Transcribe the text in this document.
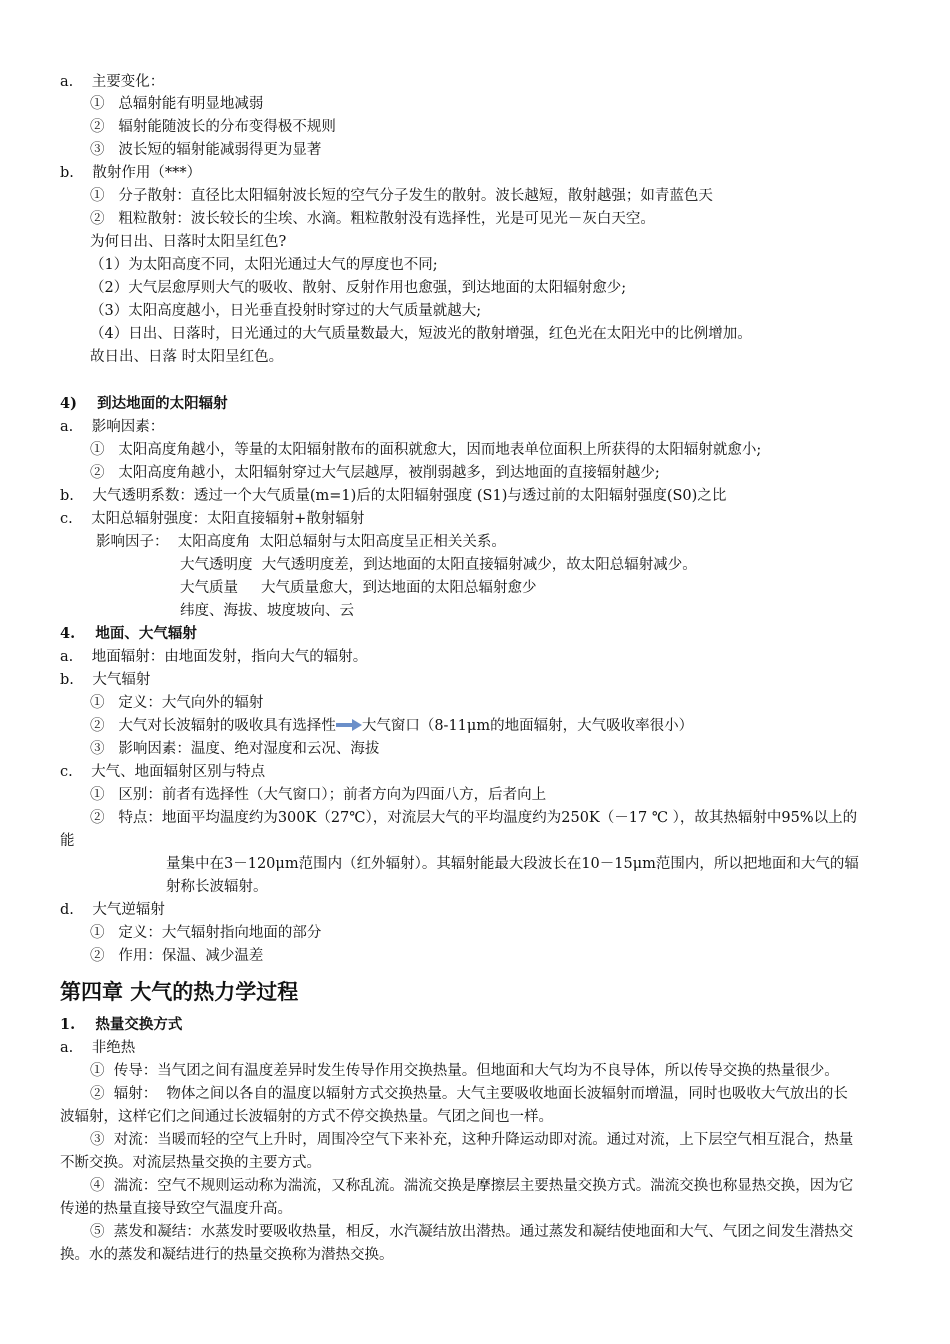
a.    主要变化：
①   总辐射能有明显地减弱
②   辐射能随波长的分布变得极不规则
③   波长短的辐射能减弱得更为显著
b.    散射作用（***）
①   分子散射：直径比太阳辐射波长短的空气分子发生的散射。波长越短，散射越强；如青蓝色天
②   粗粒散射：波长较长的尘埃、水滴。粗粒散射没有选择性，光是可见光－灰白天空。
为何日出、日落时太阳呈红色?
（1）为太阳高度不同，太阳光通过大气的厚度也不同;
（2）大气层愈厚则大气的吸收、散射、反射作用也愈强，到达地面的太阳辐射愈少;
（3）太阳高度越小，日光垂直投射时穿过的大气质量就越大;
（4）日出、日落时，日光通过的大气质量数最大，短波光的散射增强，红色光在太阳光中的比例增加。
故日出、日落 时太阳呈红色。
4)    到达地面的太阳辐射
a.    影响因素：
①   太阳高度角越小，等量的太阳辐射散布的面积就愈大，因而地表单位面积上所获得的太阳辐射就愈小;
②   太阳高度角越小，太阳辐射穿过大气层越厚，被削弱越多，到达地面的直接辐射越少;
b.    大气透明系数：透过一个大气质量(m=1)后的太阳辐射强度 (S1)与透过前的太阳辐射强度(S0)之比
c.    太阳总辐射强度：太阳直接辐射+散射辐射
影响因子：  太阳高度角  太阳总辐射与太阳高度呈正相关关系。
大气透明度  大气透明度差，到达地面的太阳直接辐射减少，故太阳总辐射减少。
大气质量     大气质量愈大，到达地面的太阳总辐射愈少
纬度、海拔、坡度坡向、云
4.    地面、大气辐射
a.    地面辐射：由地面发射，指向大气的辐射。
b.    大气辐射
①   定义：大气向外的辐射
②   大气对长波辐射的吸收具有选择性 大气窗口（8-11μm的地面辐射，大气吸收率很小）
③   影响因素：温度、绝对湿度和云况、海拔
c.    大气、地面辐射区别与特点
①   区别：前者有选择性（大气窗口）；前者方向为四面八方，后者向上
②   特点：地面平均温度约为300K（27℃），对流层大气的平均温度约为250K（－17 ℃ ），故其热辐射中95%以上的
能
量集中在3－120μm范围内（红外辐射）。其辐射能最大段波长在10－15μm范围内，所以把地面和大气的辐
射称长波辐射。
d.    大气逆辐射
①   定义：大气辐射指向地面的部分
②   作用：保温、减少温差
第四章 大气的热力学过程
1.    热量交换方式
a.    非绝热
①  传导：当气团之间有温度差异时发生传导作用交换热量。但地面和大气均为不良导体，所以传导交换的热量很少。
②  辐射：  物体之间以各自的温度以辐射方式交换热量。大气主要吸收地面长波辐射而增温，同时也吸收大气放出的长
波辐射，这样它们之间通过长波辐射的方式不停交换热量。气团之间也一样。
③  对流：当暖而轻的空气上升时，周围冷空气下来补充，这种升降运动即对流。通过对流，上下层空气相互混合，热量
不断交换。对流层热量交换的主要方式。
④  湍流：空气不规则运动称为湍流，又称乱流。湍流交换是摩擦层主要热量交换方式。湍流交换也称显热交换，因为它
传递的热量直接导致空气温度升高。
⑤  蒸发和凝结：水蒸发时要吸收热量，相反，水汽凝结放出潜热。通过蒸发和凝结使地面和大气、气团之间发生潜热交
换。水的蒸发和凝结进行的热量交换称为潜热交换。
